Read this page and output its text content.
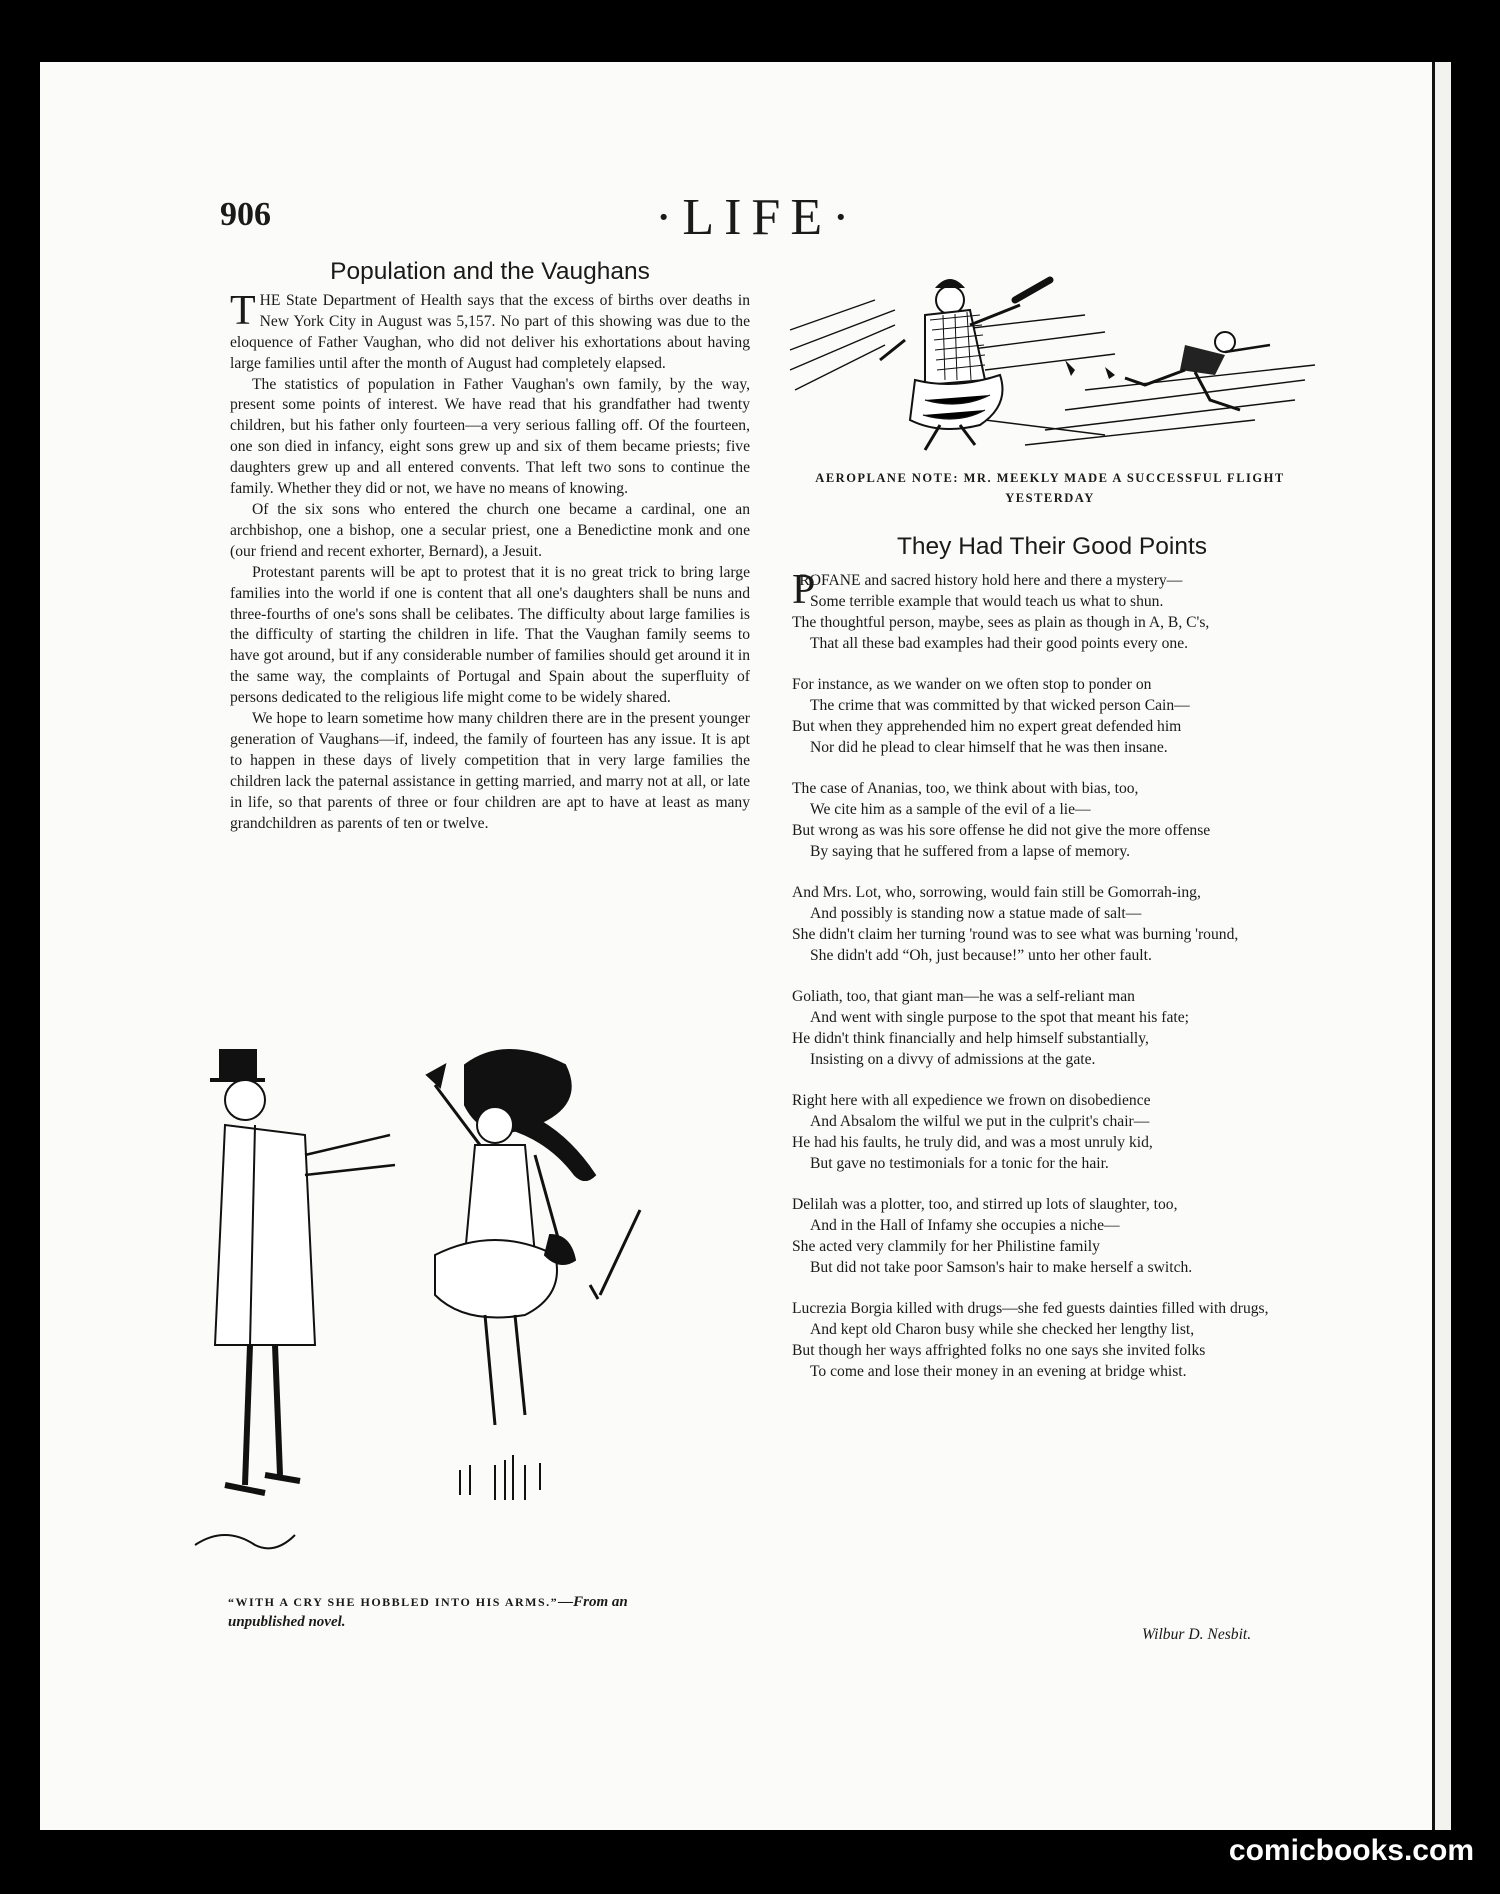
906	·LIFE·
Population and the Vaughans

THE State Department of Health says that the excess of births over deaths in New York City in August was 5,157. No part of this showing was due to the eloquence of Father Vaughan, who did not deliver his exhortations about having large families until after the month of August had completely elapsed.

The statistics of population in Father Vaughan's own family, by the way, present some points of interest. We have read that his grandfather had twenty children, but his father only fourteen—a very serious falling off. Of the fourteen, one son died in infancy, eight sons grew up and six of them became priests; five daughters grew up and all entered convents. That left two sons to continue the family. Whether they did or not, we have no means of knowing.

Of the six sons who entered the church one became a cardinal, one an archbishop, one a bishop, one a secular priest, one a Benedictine monk and one (our friend and recent exhorter, Bernard), a Jesuit.

Protestant parents will be apt to protest that it is no great trick to bring large families into the world if one is content that all one's daughters shall be nuns and three-fourths of one's sons shall be celibates. The difficulty about large families is the difficulty of starting the children in life. That the Vaughan family seems to have got around, but if any considerable number of families should get around it in the same way, the complaints of Portugal and Spain about the superfluity of persons dedicated to the religious life might come to be widely shared.

We hope to learn sometime how many children there are in the present younger generation of Vaughans—if, indeed, the family of fourteen has any issue. It is apt to happen in these days of lively competition that in very large families the children lack the paternal assistance in getting married, and marry not at all, or late in life, so that parents of three or four children are apt to have at least as many grandchildren as parents of ten or twelve.

AEROPLANE NOTE: MR. MEEKLY MADE A SUCCESSFUL FLIGHT
YESTERDAY
“WITH A CRY SHE HOBBLED INTO HIS ARMS.”—From an
unpublished novel.
They Had Their Good Points
P
ROFANE and sacred history hold here and there a mystery—
Some terrible example that would teach us what to shun.
The thoughtful person, maybe, sees as plain as though in A, B, C's,
That all these bad examples had their good points every one.
For instance, as we wander on we often stop to ponder on
The crime that was committed by that wicked person Cain—
But when they apprehended him no expert great defended him
Nor did he plead to clear himself that he was then insane.
The case of Ananias, too, we think about with bias, too,
We cite him as a sample of the evil of a lie—
But wrong as was his sore offense he did not give the more offense
By saying that he suffered from a lapse of memory.
And Mrs. Lot, who, sorrowing, would fain still be Gomorrah-ing,
And possibly is standing now a statue made of salt—
She didn't claim her turning 'round was to see what was burning 'round,
She didn't add “Oh, just because!” unto her other fault.
Goliath, too, that giant man—he was a self-reliant man
And went with single purpose to the spot that meant his fate;
He didn't think financially and help himself substantially,
Insisting on a divvy of admissions at the gate.
Right here with all expedience we frown on disobedience
And Absalom the wilful we put in the culprit's chair—
He had his faults, he truly did, and was a most unruly kid,
But gave no testimonials for a tonic for the hair.
Delilah was a plotter, too, and stirred up lots of slaughter, too,
And in the Hall of Infamy she occupies a niche—
She acted very clammily for her Philistine family
But did not take poor Samson's hair to make herself a switch.
Lucrezia Borgia killed with drugs—she fed guests dainties filled with drugs,
And kept old Charon busy while she checked her lengthy list,
But though her ways affrighted folks no one says she invited folks
To come and lose their money in an evening at bridge whist.
Wilbur D. Nesbit.
comicbooks.com
